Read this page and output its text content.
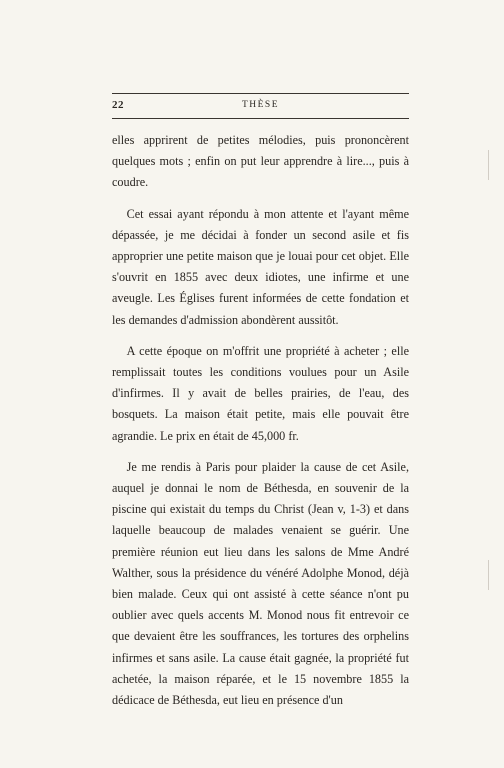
22	THÈSE

elles apprirent de petites mélodies, puis prononcèrent quelques mots ; enfin on put leur apprendre à lire..., puis à coudre.

Cet essai ayant répondu à mon attente et l'ayant même dépassée, je me décidai à fonder un second asile et fis approprier une petite maison que je louai pour cet objet. Elle s'ouvrit en 1855 avec deux idiotes, une infirme et une aveugle. Les Églises furent informées de cette fondation et les demandes d'admission abondèrent aussitôt.

A cette époque on m'offrit une propriété à acheter ; elle remplissait toutes les conditions voulues pour un Asile d'infirmes. Il y avait de belles prairies, de l'eau, des bosquets. La maison était petite, mais elle pouvait être agrandie. Le prix en était de 45,000 fr.

Je me rendis à Paris pour plaider la cause de cet Asile, auquel je donnai le nom de Béthesda, en souvenir de la piscine qui existait du temps du Christ (Jean v, 1-3) et dans laquelle beaucoup de malades venaient se guérir. Une première réunion eut lieu dans les salons de Mme André Walther, sous la présidence du vénéré Adolphe Monod, déjà bien malade. Ceux qui ont assisté à cette séance n'ont pu oublier avec quels accents M. Monod nous fit entrevoir ce que devaient être les souffrances, les tortures des orphelins infirmes et sans asile. La cause était gagnée, la propriété fut achetée, la maison réparée, et le 15 novembre 1855 la dédicace de Béthesda, eut lieu en présence d'un
